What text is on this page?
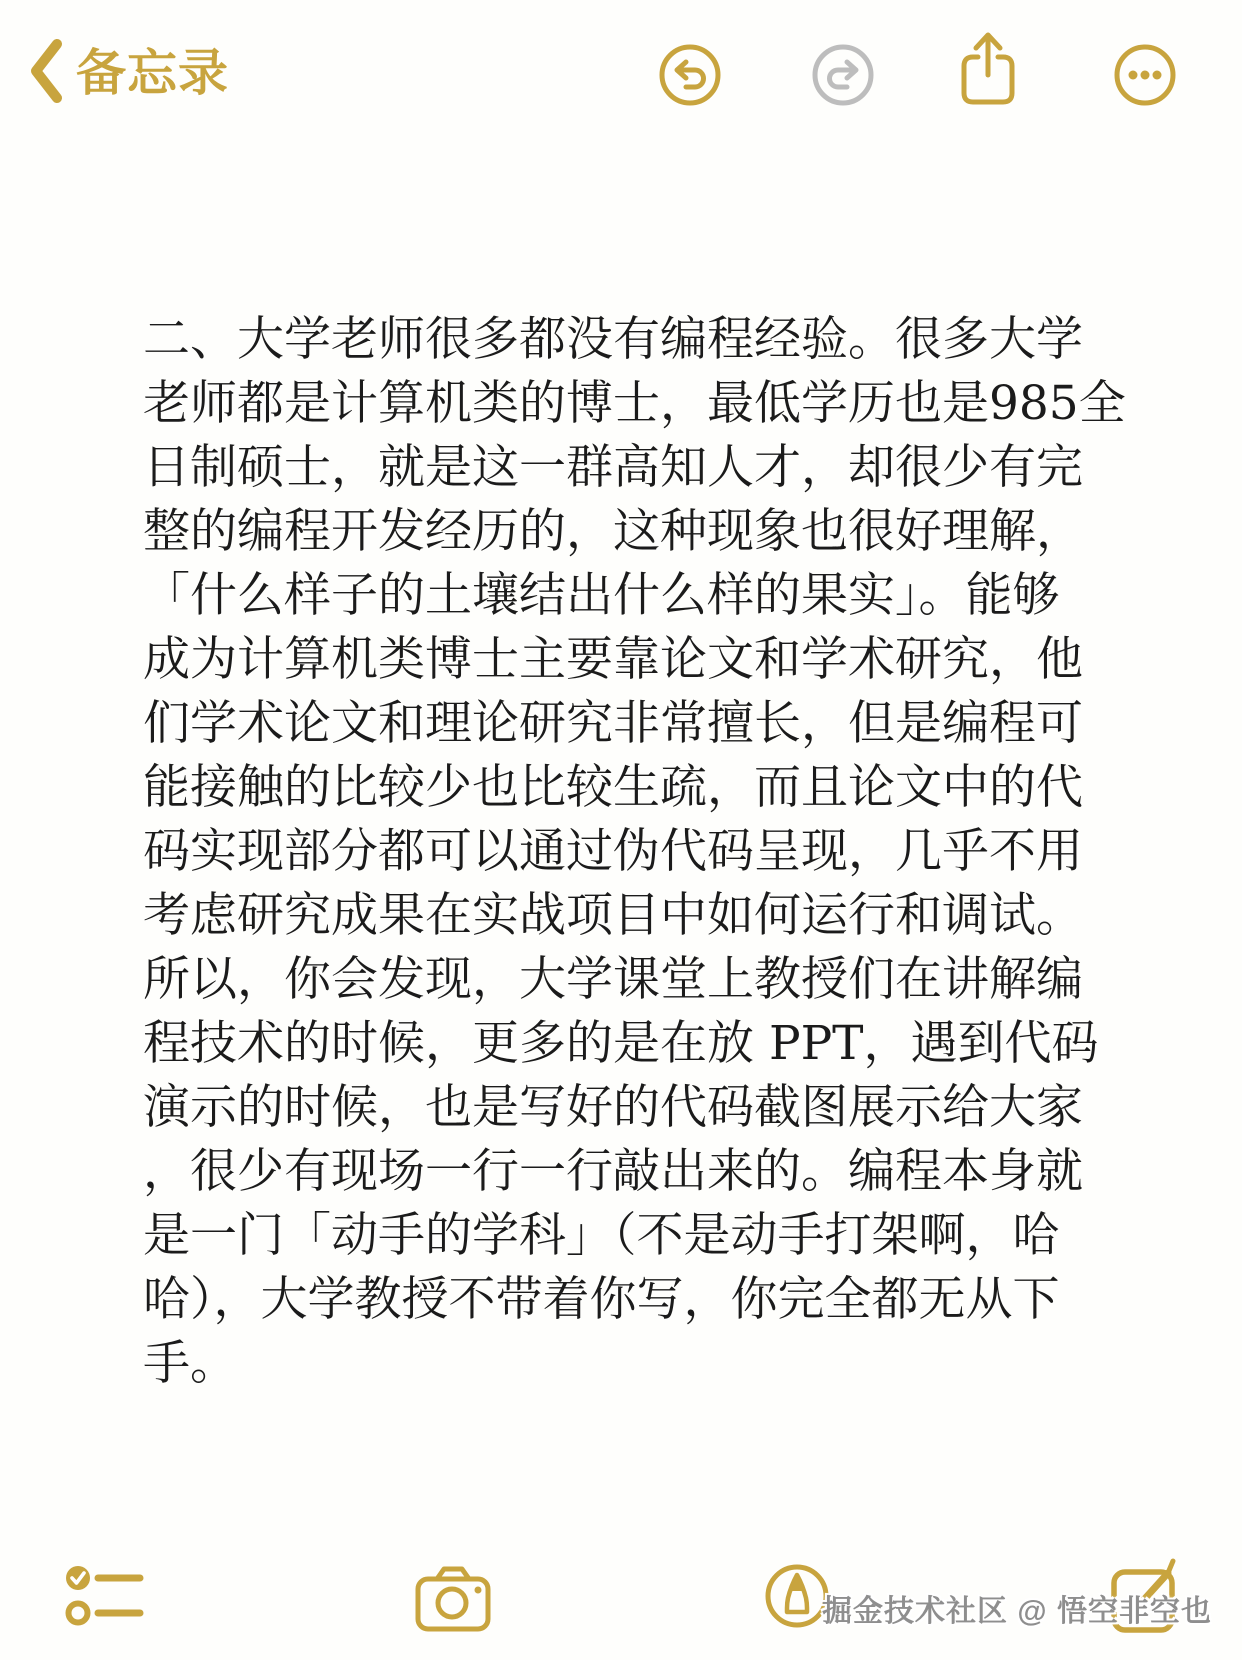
备忘录
二、大学老师很多都没有编程经验。很多大学
老师都是计算机类的博士，最低学历也是985全
日制硕士，就是这一群高知人才，却很少有完
整的编程开发经历的，这种现象也很好理解，
「什么样子的土壤结出什么样的果实」。能够
成为计算机类博士主要靠论文和学术研究，他
们学术论文和理论研究非常擅长，但是编程可
能接触的比较少也比较生疏，而且论文中的代
码实现部分都可以通过伪代码呈现，几乎不用
考虑研究成果在实战项目中如何运行和调试。
所以，你会发现，大学课堂上教授们在讲解编
程技术的时候，更多的是在放 PPT，遇到代码
演示的时候，也是写好的代码截图展示给大家
，很少有现场一行一行敲出来的。编程本身就
是一门「动手的学科」（不是动手打架啊，哈
哈），大学教授不带着你写，你完全都无从下
手。
掘金技术社区 @ 悟空非空也
